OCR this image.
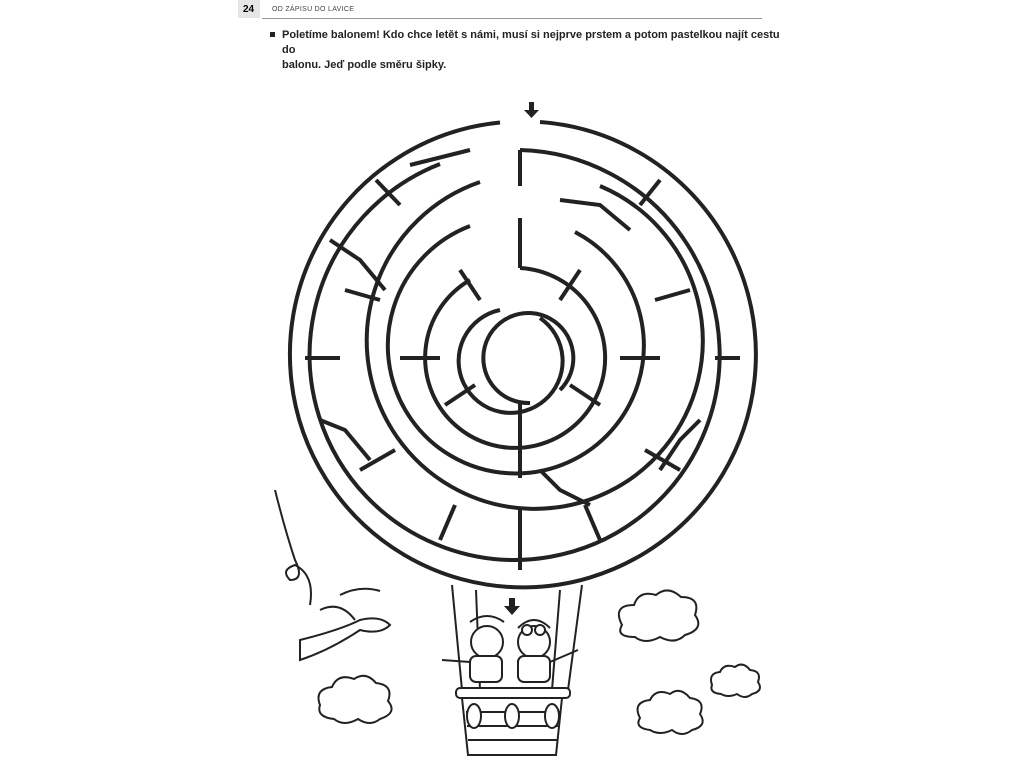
24	OD ZÁPISU DO LAVICE
Poletíme balonem! Kdo chce letět s námi, musí si nejprve prstem a potom pastelkou najít cestu do
balonu. Jeď podle směru šipky.
